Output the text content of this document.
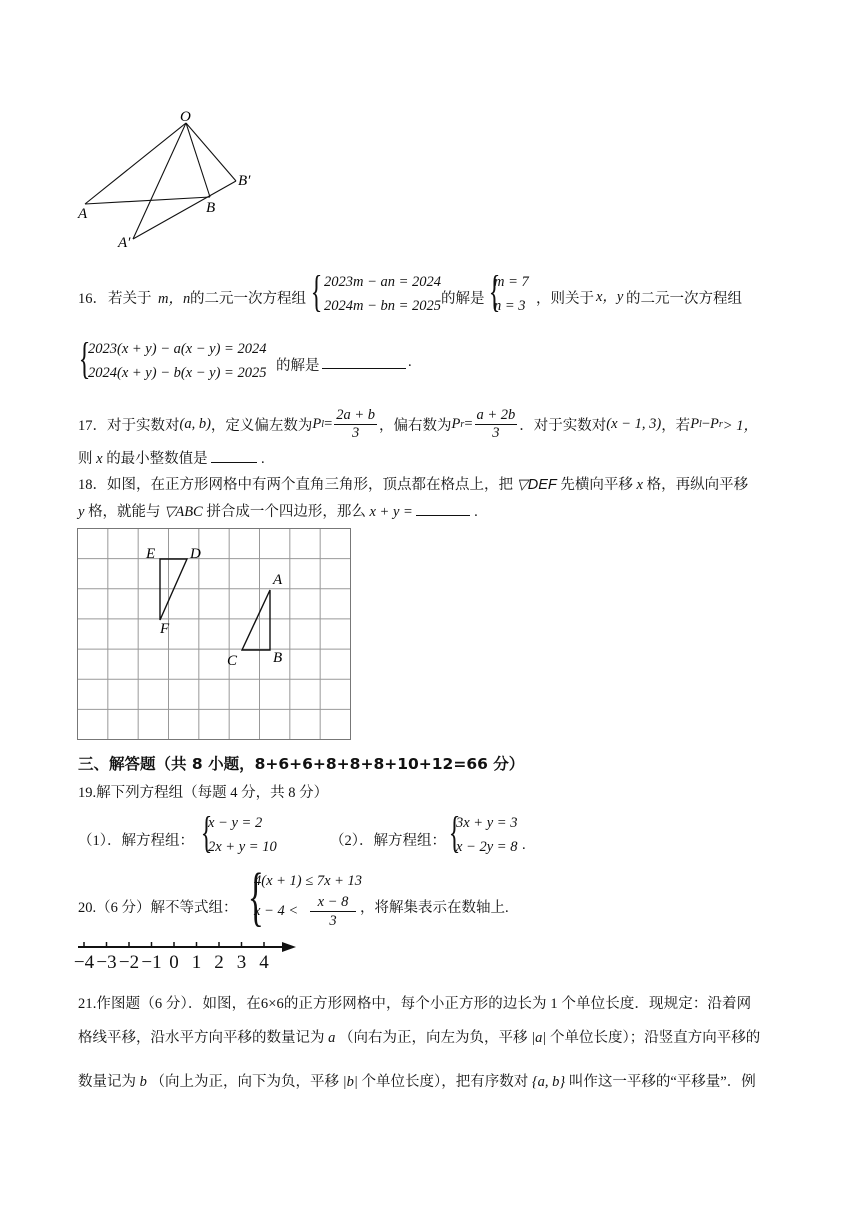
O
A	B
B′
A′
16． 若关于 m，n 的二元一次方程组 { 2023m − an = 2024
2024m − bn = 2025 的解是 {
m = 7
n = 3 ，则关于 x，y 的二元一次方程组
{
2023(x + y) − a(x − y) = 2024
2024(x + y) − b(x − y) = 2025 的解是	.
17．对于实数对 (a, b) ，定义偏左数为 P $l = \frac{2a + b}{3}$ ，偏右数为 P $r = \frac{a + 2b}{3}$ ．对于实数对 (x − 1, 3) ，若 P l − P r > 1，
则 x 的最小整数值是	.
18．如图，在正方形网格中有两个直角三角形，顶点都在格点上，把 ▽DEF 先横向平移 x 格，再纵向平移
y 格，就能与 ▽ABC 拼合成一个四边形，那么 x + y =	.
E D
F
A
B
C
三、解答题（共 8 小题，8+6+6+8+8+8+10+12=66 分）
19.解下列方程组（每题 4 分，共 8 分）
（1）．解方程组： {
x − y = 2
2x + y = 10	（2）．解方程组： {
3x + y = 3
x − 2y = 8 .
20.（6 分）解不等式组： {
4(x + 1) ≤ 7x + 13
$x - 4 < \frac{x - 8}{3}$ ，将解集表示在数轴上.
−4 −3 −2 −1 0 1 2 3 4
21.作图题（6 分）．如图，在6×6的正方形网格中，每个小正方形的边长为 1 个单位长度．现规定：沿着网
格线平移，沿水平方向平移的数量记为 a （向右为正，向左为负，平移 |a| 个单位长度）；沿竖直方向平移的
数量记为 b （向上为正，向下为负，平移 |b| 个单位长度），把有序数对 {a, b} 叫作这一平移的“平移量”．例
